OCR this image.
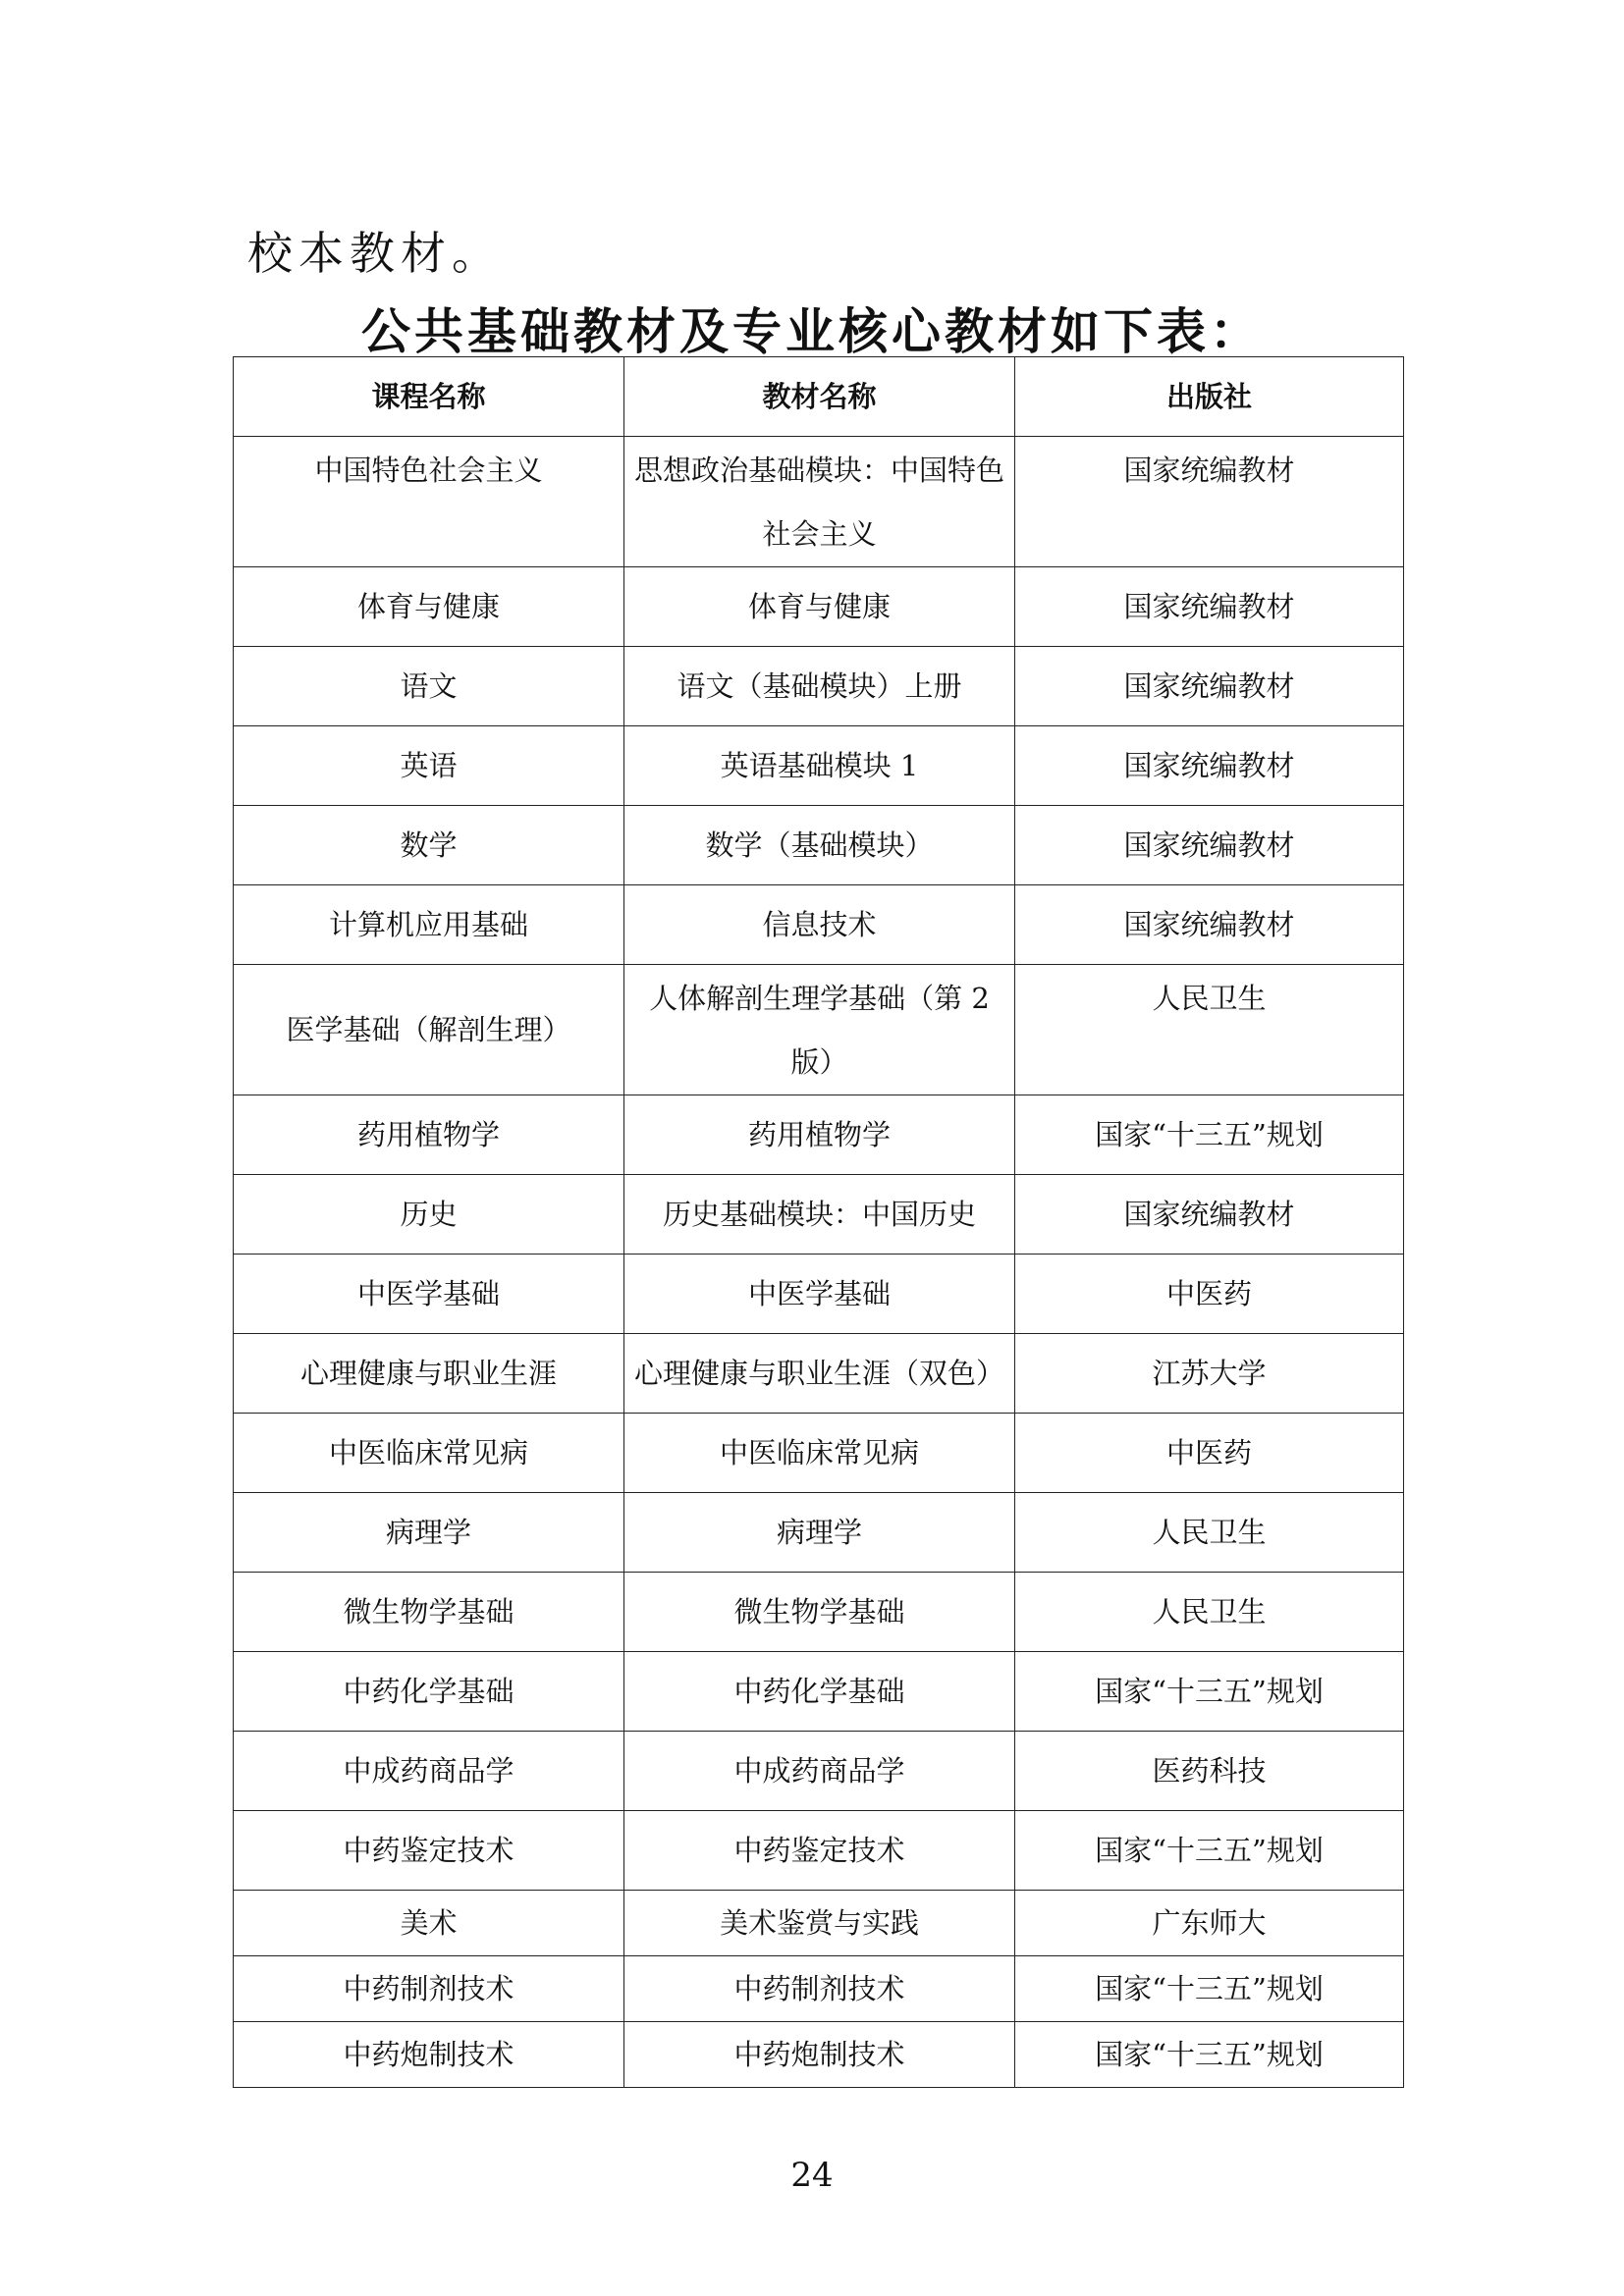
校本教材。

公共基础教材及专业核心教材如下表：
课程名称	教材名称	出版社
中国特色社会主义	思想政治基础模块：中国特色社会主义	国家统编教材
体育与健康	体育与健康	国家统编教材
语文	语文（基础模块）上册	国家统编教材
英语	英语基础模块 1	国家统编教材
数学	数学（基础模块）	国家统编教材
计算机应用基础	信息技术	国家统编教材
医学基础（解剖生理）	人体解剖生理学基础（第 2 版）	人民卫生
药用植物学	药用植物学	国家“十三五”规划
历史	历史基础模块：中国历史	国家统编教材
中医学基础	中医学基础	中医药
心理健康与职业生涯	心理健康与职业生涯（双色）	江苏大学
中医临床常见病	中医临床常见病	中医药
病理学	病理学	人民卫生
微生物学基础	微生物学基础	人民卫生
中药化学基础	中药化学基础	国家“十三五”规划
中成药商品学	中成药商品学	医药科技
中药鉴定技术	中药鉴定技术	国家“十三五”规划
美术	美术鉴赏与实践	广东师大
中药制剂技术	中药制剂技术	国家“十三五”规划
中药炮制技术	中药炮制技术	国家“十三五”规划

24
